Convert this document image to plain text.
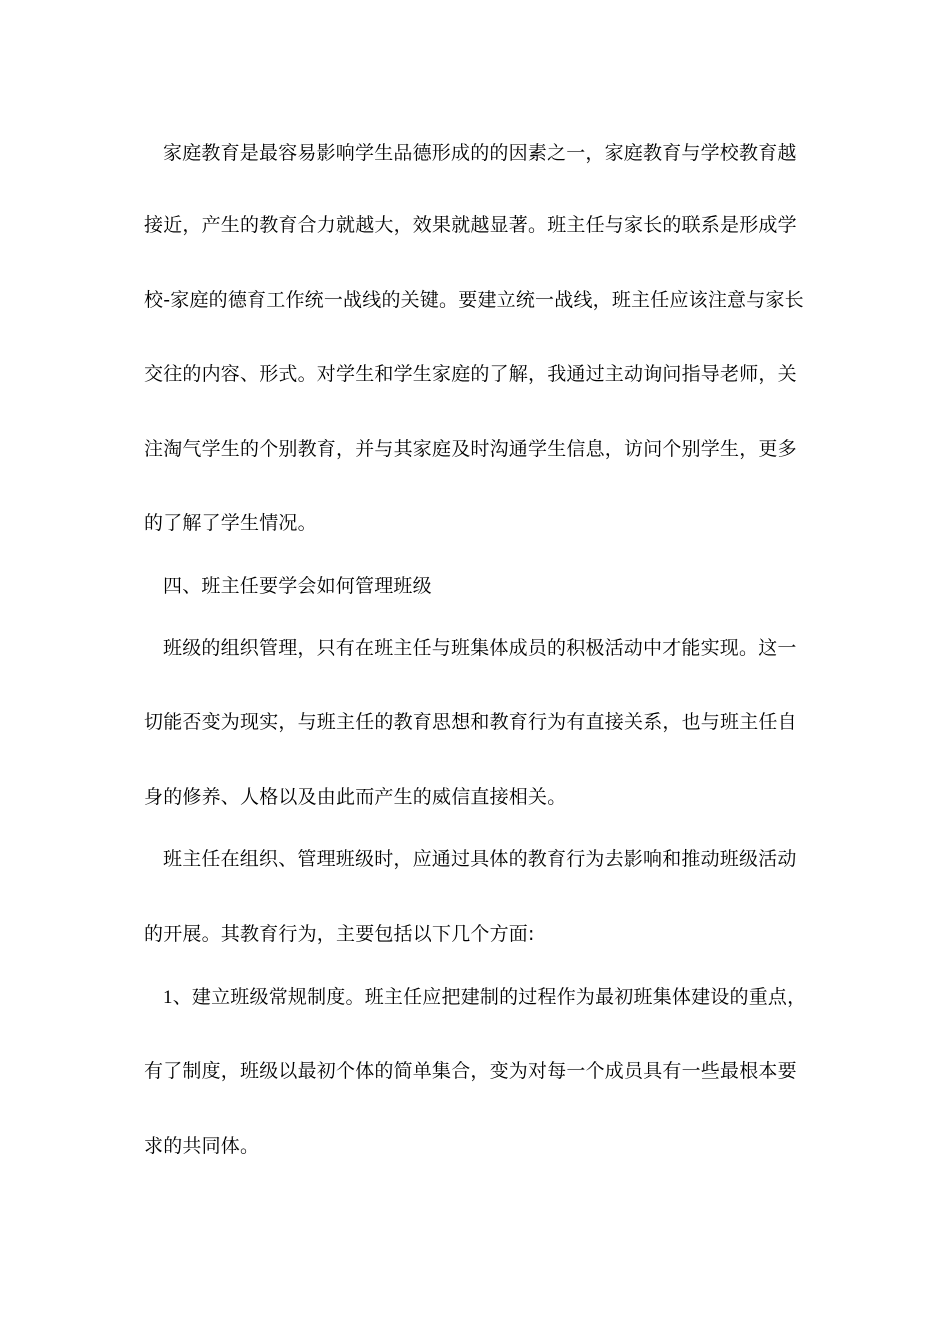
家庭教育是最容易影响学生品德形成的的因素之一，家庭教育与学校教育越
接近，产生的教育合力就越大，效果就越显著。班主任与家长的联系是形成学
校-家庭的德育工作统一战线的关键。要建立统一战线，班主任应该注意与家长
交往的内容、形式。对学生和学生家庭的了解，我通过主动询问指导老师，关
注淘气学生的个别教育，并与其家庭及时沟通学生信息，访问个别学生，更多
的了解了学生情况。
四、班主任要学会如何管理班级
班级的组织管理，只有在班主任与班集体成员的积极活动中才能实现。这一
切能否变为现实，与班主任的教育思想和教育行为有直接关系，也与班主任自
身的修养、人格以及由此而产生的威信直接相关。
班主任在组织、管理班级时，应通过具体的教育行为去影响和推动班级活动
的开展。其教育行为，主要包括以下几个方面:
1、建立班级常规制度。班主任应把建制的过程作为最初班集体建设的重点，
有了制度，班级以最初个体的简单集合，变为对每一个成员具有一些最根本要
求的共同体。
